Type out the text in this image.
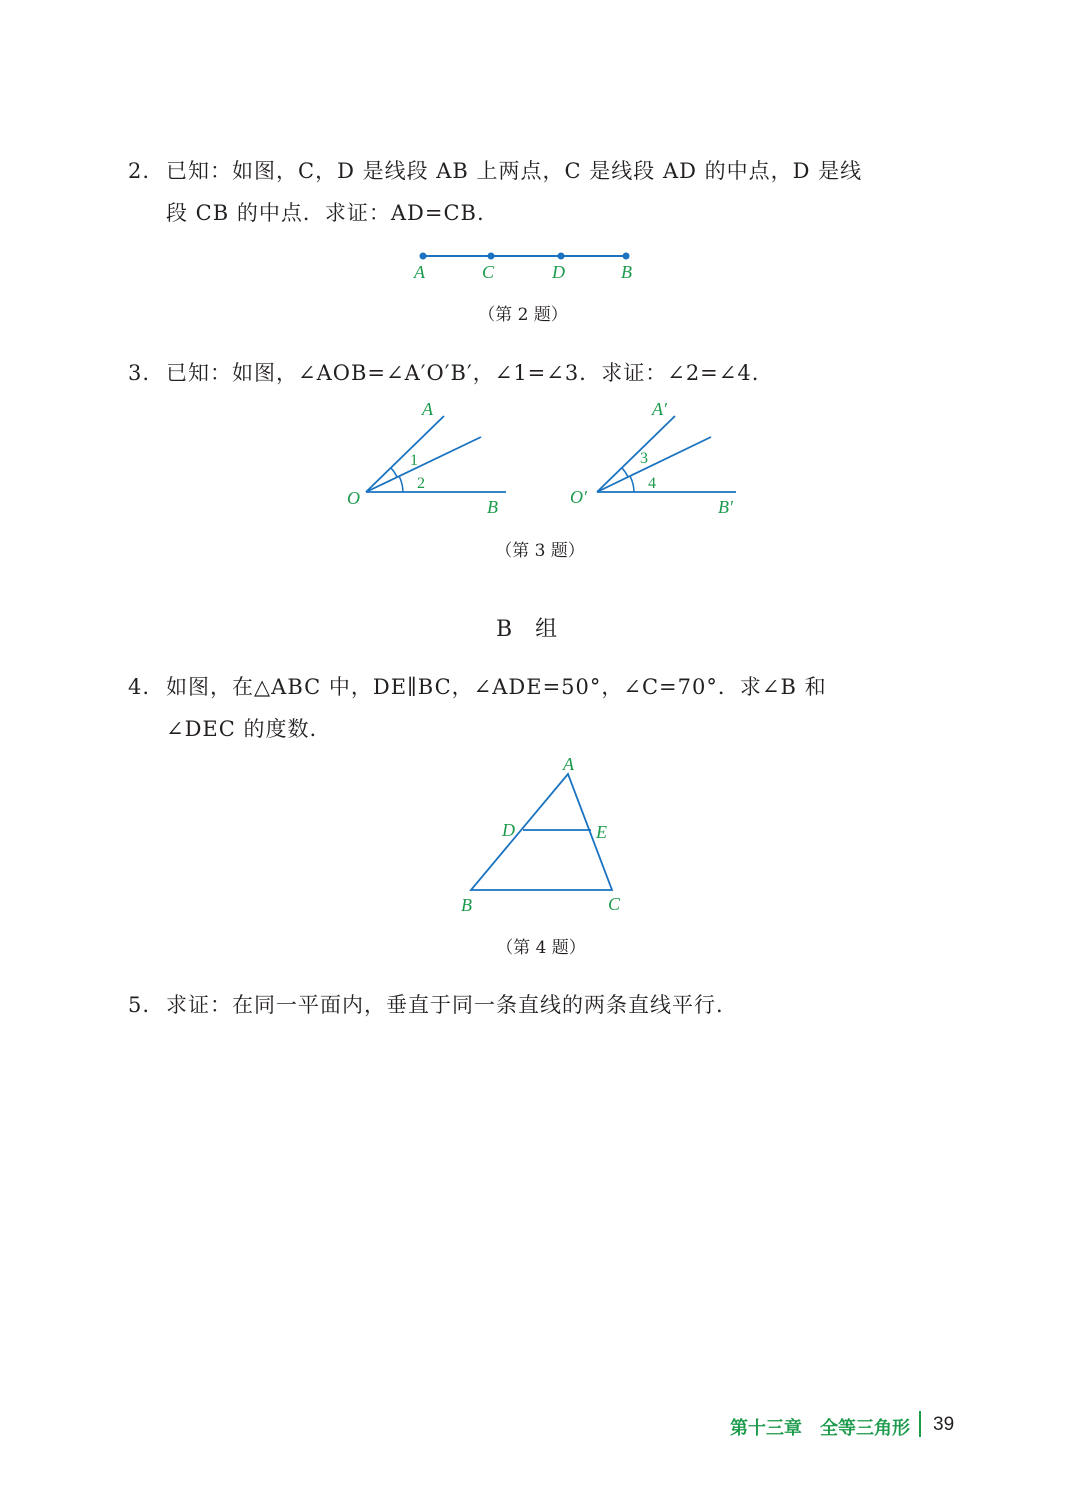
2. 已知：如图，C，D 是线段 AB 上两点，C 是线段 AD 的中点，D 是线
段 CB 的中点．求证：AD=CB.
A	C	D	B
（第 2 题）
3. 已知：如图，∠AOB=∠A′O′B′，∠1=∠3．求证：∠2=∠4.
A
O	B
1
2
A′
O′	B′
3
4
（第 3 题）
B 组
4. 如图，在△ABC 中，DE∥BC，∠ADE=50°，∠C=70°．求∠B 和
∠DEC 的度数.
A
D	E
B	C
（第 4 题）
5. 求证：在同一平面内，垂直于同一条直线的两条直线平行.
第十三章　全等三角形 39
